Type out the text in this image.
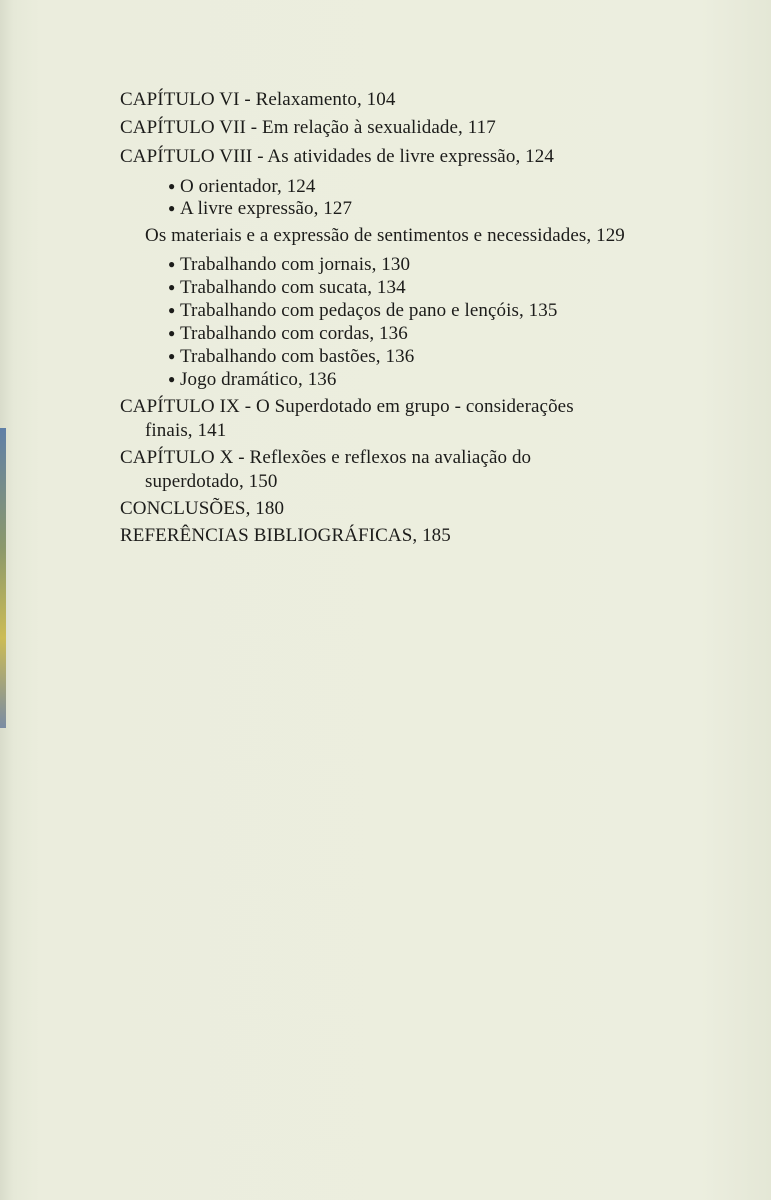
CAPÍTULO VI - Relaxamento, 104
CAPÍTULO VII - Em relação à sexualidade, 117
CAPÍTULO VIII - As atividades de livre expressão, 124
● O orientador, 124
● A livre expressão, 127
Os materiais e a expressão de sentimentos e necessidades, 129
● Trabalhando com jornais, 130
● Trabalhando com sucata, 134
● Trabalhando com pedaços de pano e lençóis, 135
● Trabalhando com cordas, 136
● Trabalhando com bastões, 136
● Jogo dramático, 136
CAPÍTULO IX - O Superdotado em grupo - considerações
finais, 141
CAPÍTULO X - Reflexões e reflexos na avaliação do
superdotado, 150
CONCLUSÕES, 180
REFERÊNCIAS BIBLIOGRÁFICAS, 185
